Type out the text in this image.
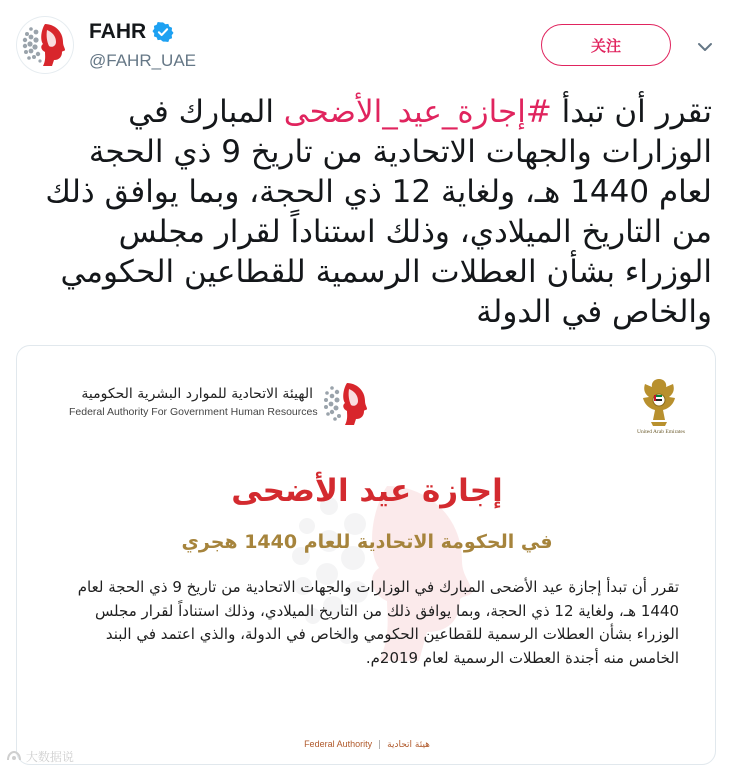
FAHR
@FAHR_UAE
关注

تقرر أن تبدأ #إجازة_عيد_الأضحى المبارك في الوزارات والجهات الاتحادية من تاريخ 9 ذي الحجة لعام 1440 هـ، ولغاية 12 ذي الحجة، وبما يوافق ذلك من التاريخ الميلادي، وذلك استناداً لقرار مجلس الوزراء بشأن العطلات الرسمية للقطاعين الحكومي والخاص في الدولة

الهيئة الاتحادية للموارد البشرية الحكومية
Federal Authority For Government Human Resources
United Arab Emirates
إجازة عيد الأضحى
في الحكومة الاتحادية للعام 1440 هجري

تقرر أن تبدأ إجازة عيد الأضحى المبارك في الوزارات والجهات الاتحادية من تاريخ 9 ذي الحجة لعام 1440 هـ، ولغاية 12 ذي الحجة، وبما يوافق ذلك من التاريخ الميلادي، وذلك استناداً لقرار مجلس الوزراء بشأن العطلات الرسمية للقطاعين الحكومي والخاص في الدولة، والذي اعتمد في البند الخامس منه أجندة العطلات الرسمية لعام 2019م.

Federal Authority | هيئة اتحادية
大数据说
